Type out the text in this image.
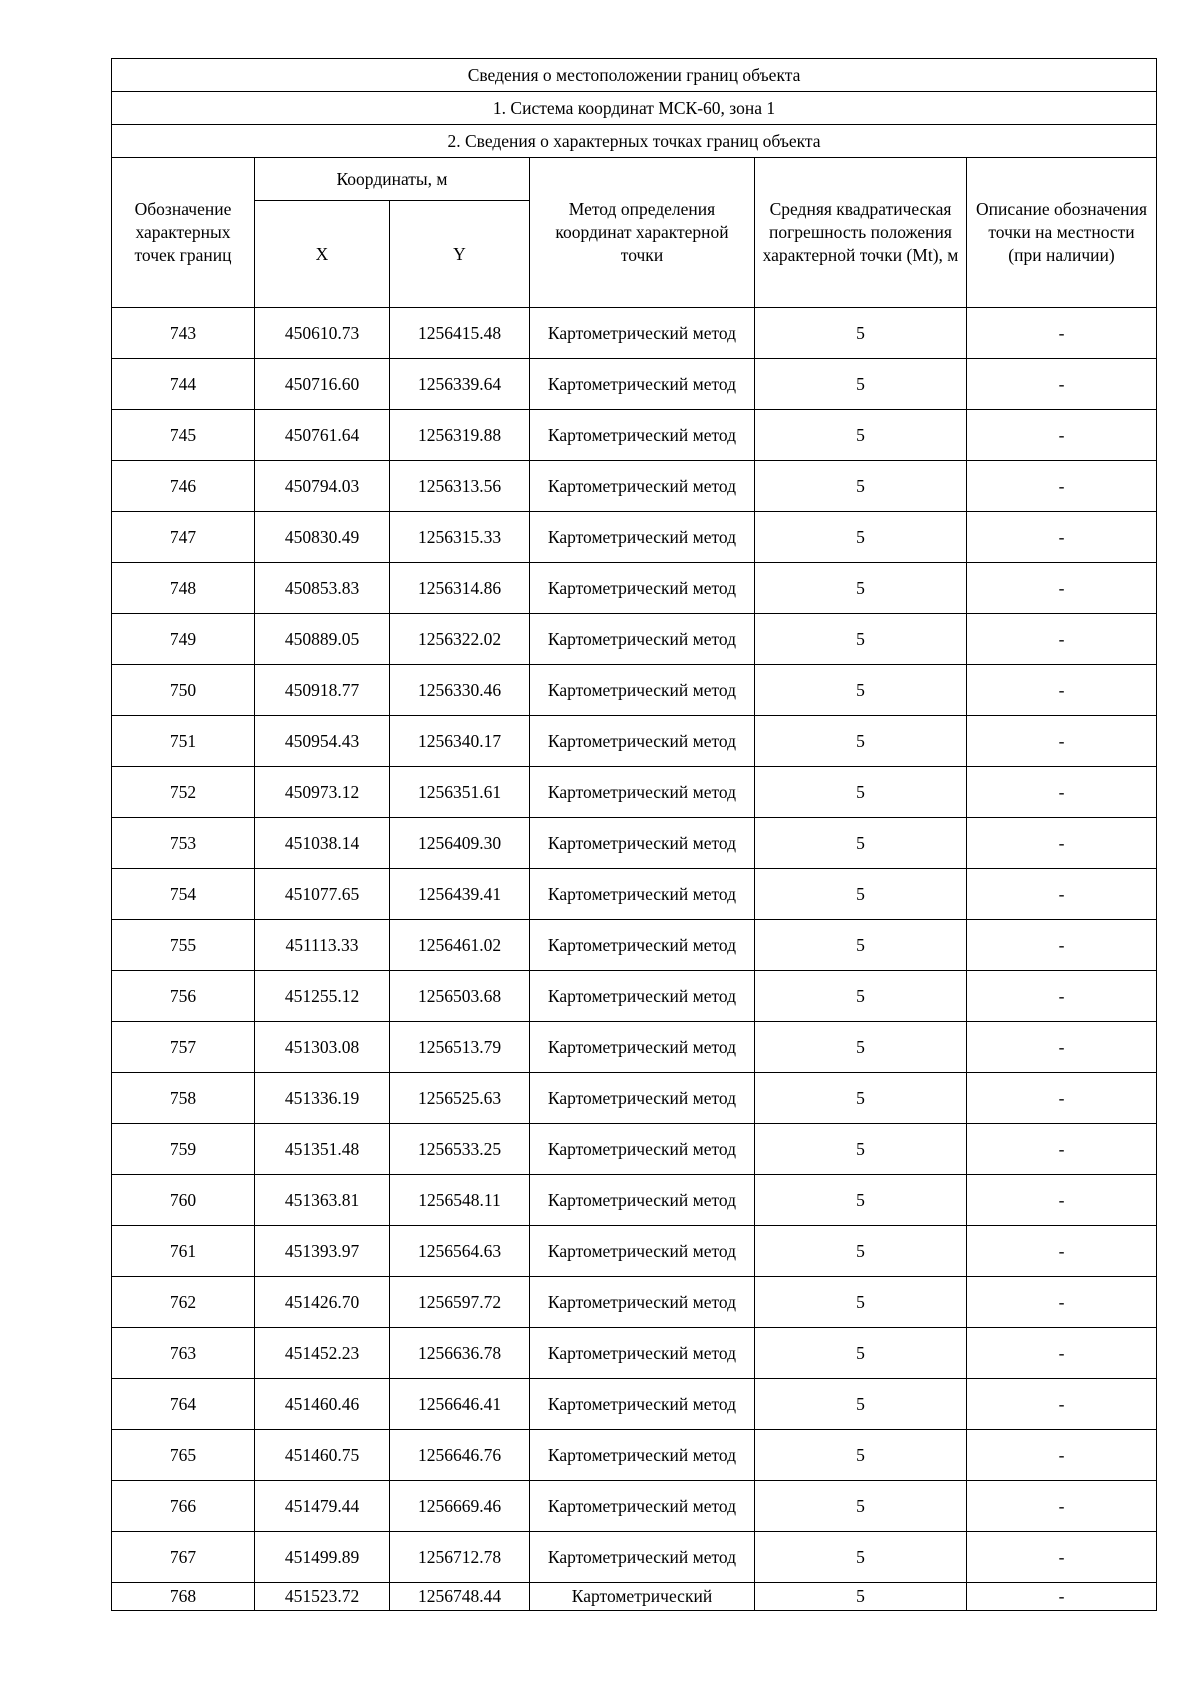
Сведения о местоположении границ объекта					
1. Система координат МСК-60, зона 1					
2. Сведения о характерных точках границ объекта					
Обозначение характерных точек границ	Координаты, м		Метод определения координат характерной точки	Средняя квадратическая погрешность положения характерной точки (Mt), м	Описание обозначения точки на местности (при наличии)
	X	Y			
743	450610.73	1256415.48	Картометрический метод	5	-
744	450716.60	1256339.64	Картометрический метод	5	-
745	450761.64	1256319.88	Картометрический метод	5	-
746	450794.03	1256313.56	Картометрический метод	5	-
747	450830.49	1256315.33	Картометрический метод	5	-
748	450853.83	1256314.86	Картометрический метод	5	-
749	450889.05	1256322.02	Картометрический метод	5	-
750	450918.77	1256330.46	Картометрический метод	5	-
751	450954.43	1256340.17	Картометрический метод	5	-
752	450973.12	1256351.61	Картометрический метод	5	-
753	451038.14	1256409.30	Картометрический метод	5	-
754	451077.65	1256439.41	Картометрический метод	5	-
755	451113.33	1256461.02	Картометрический метод	5	-
756	451255.12	1256503.68	Картометрический метод	5	-
757	451303.08	1256513.79	Картометрический метод	5	-
758	451336.19	1256525.63	Картометрический метод	5	-
759	451351.48	1256533.25	Картометрический метод	5	-
760	451363.81	1256548.11	Картометрический метод	5	-
761	451393.97	1256564.63	Картометрический метод	5	-
762	451426.70	1256597.72	Картометрический метод	5	-
763	451452.23	1256636.78	Картометрический метод	5	-
764	451460.46	1256646.41	Картометрический метод	5	-
765	451460.75	1256646.76	Картометрический метод	5	-
766	451479.44	1256669.46	Картометрический метод	5	-
767	451499.89	1256712.78	Картометрический метод	5	-
768	451523.72	1256748.44	Картометрический	5	-
